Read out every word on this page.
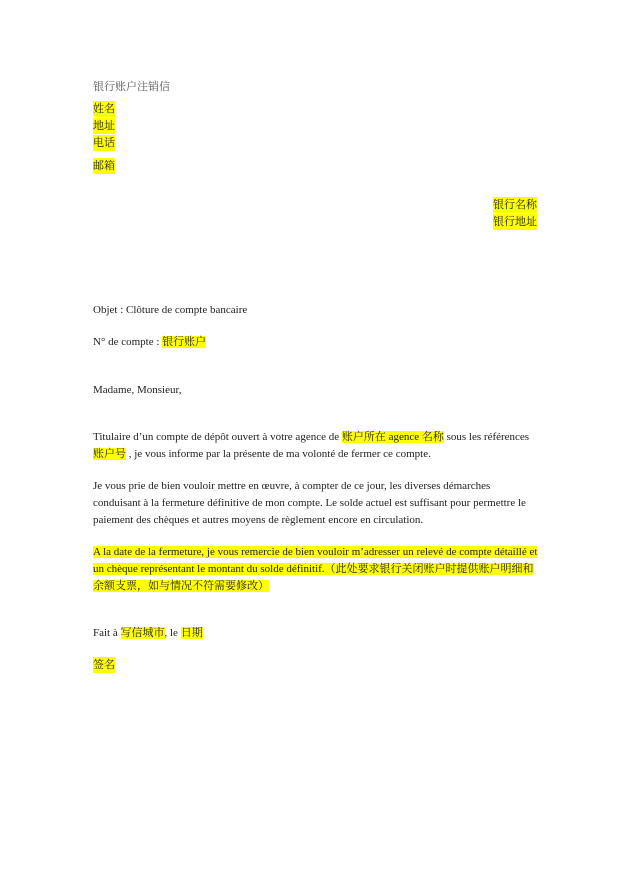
银行账户注销信
姓名
地址
电话
邮箱
银行名称
银行地址
Objet : Clôture de compte bancaire
N° de compte : 银行账户
Madame, Monsieur,
Titulaire d’un compte de dépôt ouvert à votre agence de 账户所在 agence 名称 sous les références 账户号 , je vous informe par la présente de ma volonté de fermer ce compte.
Je vous prie de bien vouloir mettre en œuvre, à compter de ce jour, les diverses démarches conduisant à la fermeture définitive de mon compte. Le solde actuel est suffisant pour permettre le paiement des chèques et autres moyens de règlement encore en circulation.
A la date de la fermeture, je vous remercie de bien vouloir m’adresser un relevé de compte détaillé et un chèque représentant le montant du solde définitif.（此处要求银行关闭账户时提供账户明细和余额支票，如与情况不符需要修改）
Fait à 写信城市, le 日期
签名
